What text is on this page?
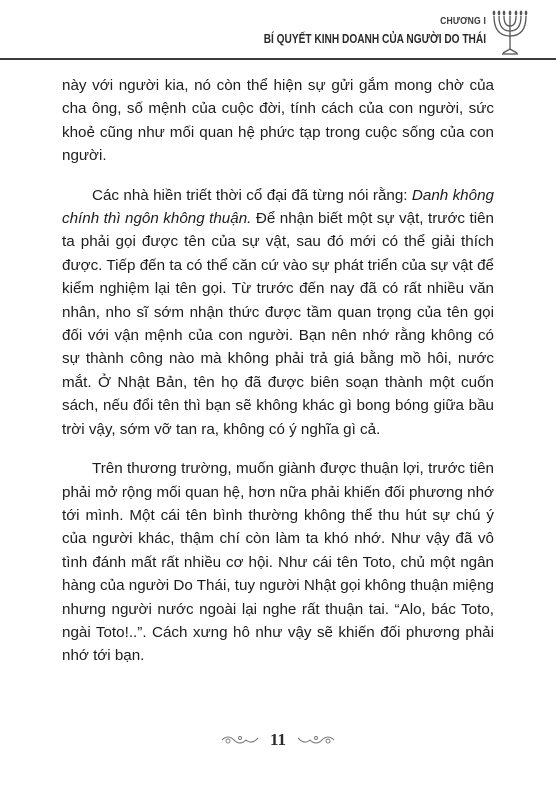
CHƯƠNG I
BÍ QUYẾT KINH DOANH CỦA NGƯỜI DO THÁI

này với người kia, nó còn thể hiện sự gửi gắm mong chờ của cha ông, số mệnh của cuộc đời, tính cách của con người, sức khoẻ cũng như mối quan hệ phức tạp trong cuộc sống của con người.

Các nhà hiền triết thời cổ đại đã từng nói rằng: Danh không chính thì ngôn không thuận. Để nhận biết một sự vật, trước tiên ta phải gọi được tên của sự vật, sau đó mới có thể giải thích được. Tiếp đến ta có thể căn cứ vào sự phát triển của sự vật để kiểm nghiệm lại tên gọi. Từ trước đến nay đã có rất nhiều văn nhân, nho sĩ sớm nhận thức được tầm quan trọng của tên gọi đối với vận mệnh của con người. Bạn nên nhớ rằng không có sự thành công nào mà không phải trả giá bằng mồ hôi, nước mắt. Ở Nhật Bản, tên họ đã được biên soạn thành một cuốn sách, nếu đổi tên thì bạn sẽ không khác gì bong bóng giữa bầu trời vậy, sớm vỡ tan ra, không có ý nghĩa gì cả.

Trên thương trường, muốn giành được thuận lợi, trước tiên phải mở rộng mối quan hệ, hơn nữa phải khiến đối phương nhớ tới mình. Một cái tên bình thường không thể thu hút sự chú ý của người khác, thậm chí còn làm ta khó nhớ. Như vậy đã vô tình đánh mất rất nhiều cơ hội. Như cái tên Toto, chủ một ngân hàng của người Do Thái, tuy người Nhật gọi không thuận miệng nhưng người nước ngoài lại nghe rất thuận tai. “Alo, bác Toto, ngài Toto!..”. Cách xưng hô như vậy sẽ khiến đối phương phải nhớ tới bạn.

11
